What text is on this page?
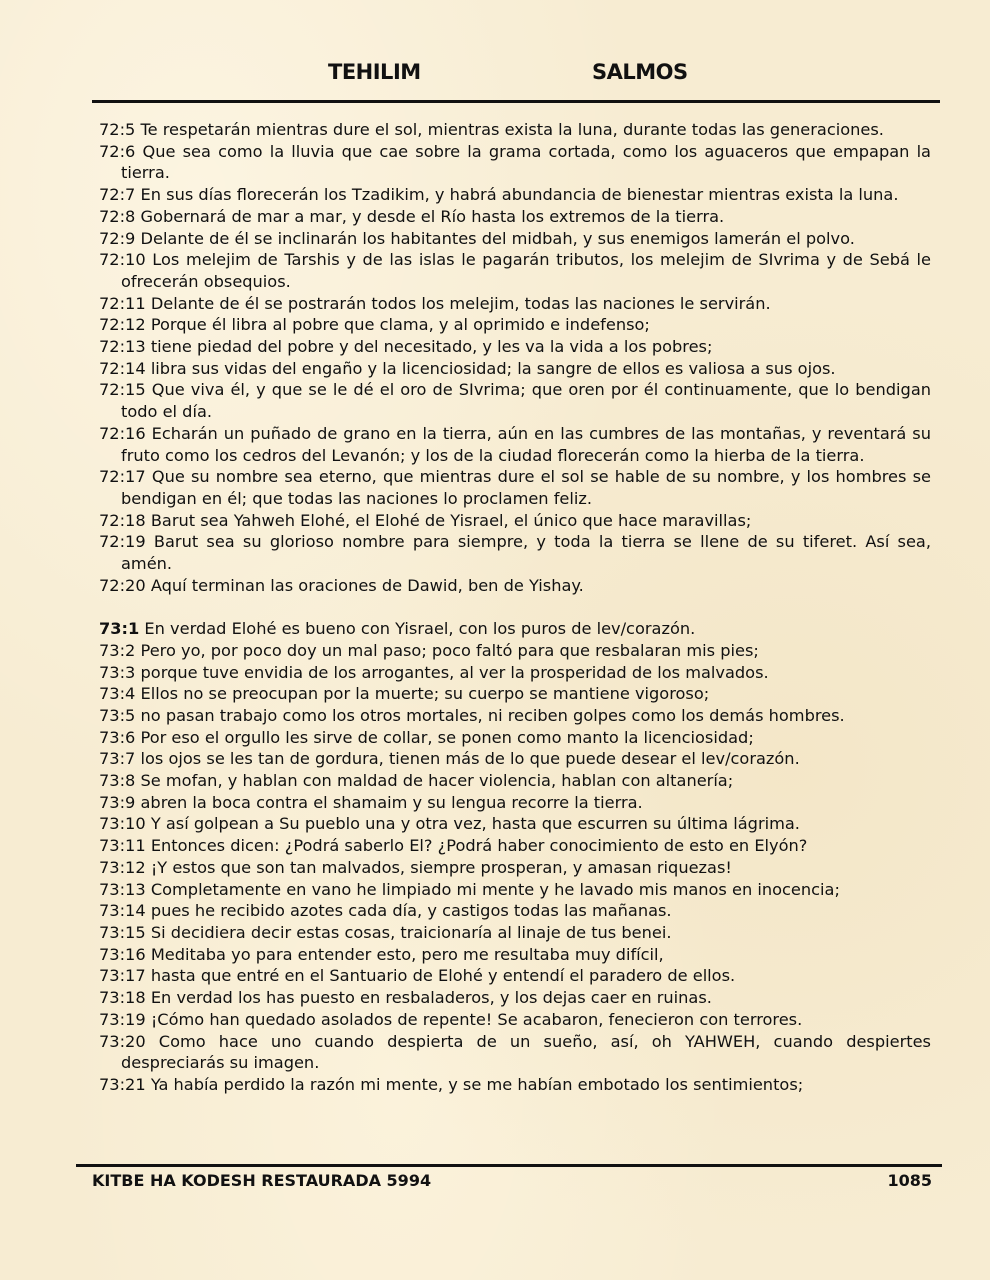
TEHILIM	SALMOS
72:5 Te respetarán mientras dure el sol, mientras exista la luna, durante todas las generaciones.
72:6 Que sea como la lluvia que cae sobre la grama cortada, como los aguaceros que empapan la tierra.
72:7 En sus días florecerán los Tzadikim, y habrá abundancia de bienestar mientras exista la luna.
72:8 Gobernará de mar a mar, y desde el Río hasta los extremos de la tierra.
72:9 Delante de él se inclinarán los habitantes del midbah, y sus enemigos lamerán el polvo.
72:10 Los melejim de Tarshis y de las islas le pagarán tributos, los melejim de SIvrima y de Sebá le ofrecerán obsequios.
72:11 Delante de él se postrarán todos los melejim, todas las naciones le servirán.
72:12 Porque él libra al pobre que clama, y al oprimido e indefenso;
72:13 tiene piedad del pobre y del necesitado, y les va la vida a los pobres;
72:14 libra sus vidas del engaño y la licenciosidad; la sangre de ellos es valiosa a sus ojos.
72:15 Que viva él, y que se le dé el oro de SIvrima; que oren por él continuamente, que lo bendigan todo el día.
72:16 Echarán un puñado de grano en la tierra, aún en las cumbres de las montañas, y reventará su fruto como los cedros del Levanón; y los de la ciudad florecerán como la hierba de la tierra.
72:17 Que su nombre sea eterno, que mientras dure el sol se hable de su nombre, y los hombres se bendigan en él; que todas las naciones lo proclamen feliz.
72:18 Barut sea Yahweh Elohé, el Elohé de Yisrael, el único que hace maravillas;
72:19 Barut sea su glorioso nombre para siempre, y toda la tierra se llene de su tiferet. Así sea, amén.
72:20 Aquí terminan las oraciones de Dawid, ben de Yishay.
73:1 En verdad Elohé es bueno con Yisrael, con los puros de lev/corazón.
73:2 Pero yo, por poco doy un mal paso; poco faltó para que resbalaran mis pies;
73:3 porque tuve envidia de los arrogantes, al ver la prosperidad de los malvados.
73:4 Ellos no se preocupan por la muerte; su cuerpo se mantiene vigoroso;
73:5 no pasan trabajo como los otros mortales, ni reciben golpes como los demás hombres.
73:6 Por eso el orgullo les sirve de collar, se ponen como manto la licenciosidad;
73:7 los ojos se les tan de gordura, tienen más de lo que puede desear el lev/corazón.
73:8 Se mofan, y hablan con maldad de hacer violencia, hablan con altanería;
73:9 abren la boca contra el shamaim y su lengua recorre la tierra.
73:10 Y así golpean a Su pueblo una y otra vez, hasta que escurren su última lágrima.
73:11 Entonces dicen: ¿Podrá saberlo El? ¿Podrá haber conocimiento de esto en Elyón?
73:12 ¡Y estos que son tan malvados, siempre prosperan, y amasan riquezas!
73:13 Completamente en vano he limpiado mi mente y he lavado mis manos en inocencia;
73:14 pues he recibido azotes cada día, y castigos todas las mañanas.
73:15 Si decidiera decir estas cosas, traicionaría al linaje de tus benei.
73:16 Meditaba yo para entender esto, pero me resultaba muy difícil,
73:17 hasta que entré en el Santuario de Elohé y entendí el paradero de ellos.
73:18 En verdad los has puesto en resbaladeros, y los dejas caer en ruinas.
73:19 ¡Cómo han quedado asolados de repente! Se acabaron, fenecieron con terrores.
73:20 Como hace uno cuando despierta de un sueño, así, oh YAHWEH, cuando despiertes despreciarás su imagen.
73:21 Ya había perdido la razón mi mente, y se me habían embotado los sentimientos;
KITBE HA KODESH RESTAURADA 5994	1085
